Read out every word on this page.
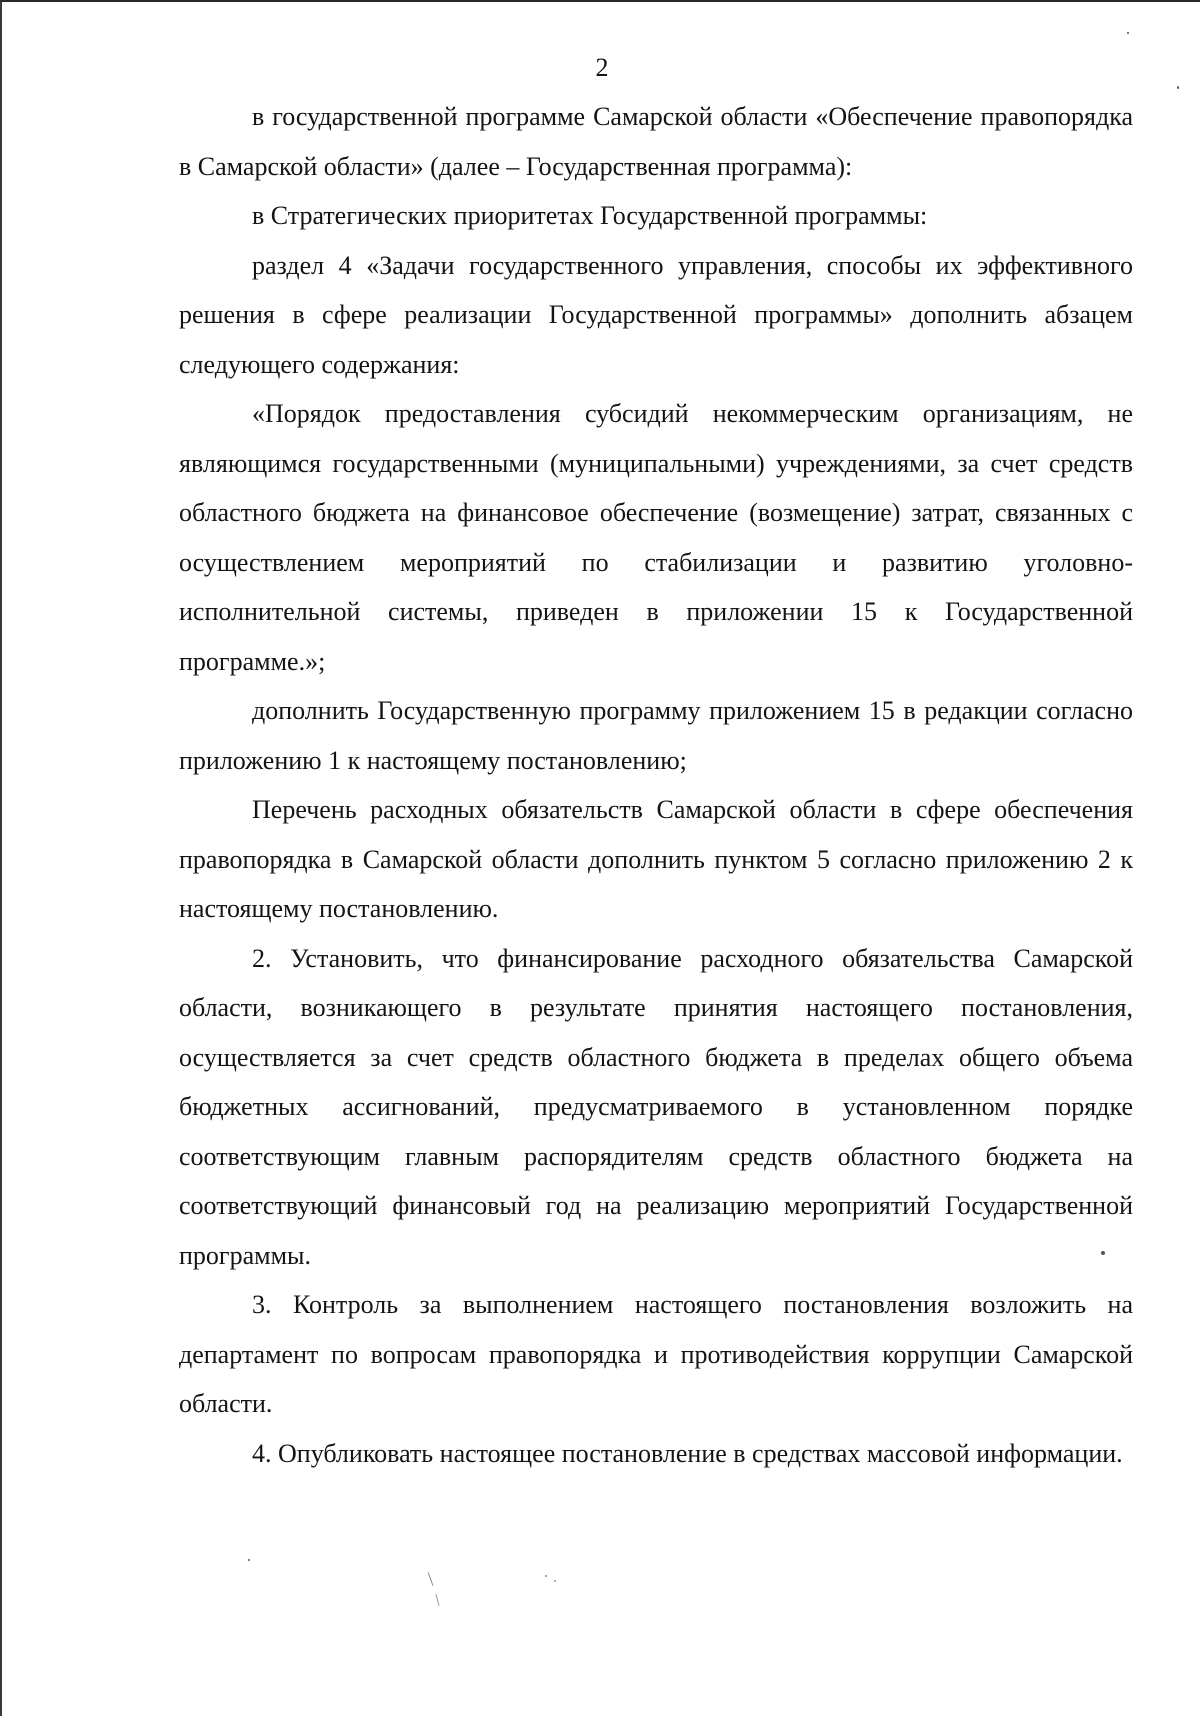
2

в государственной программе Самарской области «Обеспечение правопорядка в Самарской области» (далее – Государственная программа):

в Стратегических приоритетах Государственной программы:

раздел 4 «Задачи государственного управления, способы их эффективного решения в сфере реализации Государственной программы» дополнить абзацем следующего содержания:

«Порядок предоставления субсидий некоммерческим организациям, не являющимся государственными (муниципальными) учреждениями, за счет средств областного бюджета на финансовое обеспечение (возмещение) затрат, связанных с осуществлением мероприятий по стабилизации и развитию уголовно-исполнительной системы, приведен в приложении 15 к Государственной программе.»;

дополнить Государственную программу приложением 15 в редакции согласно приложению 1 к настоящему постановлению;

Перечень расходных обязательств Самарской области в сфере обеспечения правопорядка в Самарской области дополнить пунктом 5 согласно приложению 2 к настоящему постановлению.

2. Установить, что финансирование расходного обязательства Самарской области, возникающего в результате принятия настоящего постановления, осуществляется за счет средств областного бюджета в пределах общего объема бюджетных ассигнований, предусматриваемого в установленном порядке соответствующим главным распорядителям средств областного бюджета на соответствующий финансовый год на реализацию мероприятий Государственной программы.

3. Контроль за выполнением настоящего постановления возложить на департамент по вопросам правопорядка и противодействия коррупции Самарской области.

4. Опубликовать настоящее постановление в средствах массовой информации.
